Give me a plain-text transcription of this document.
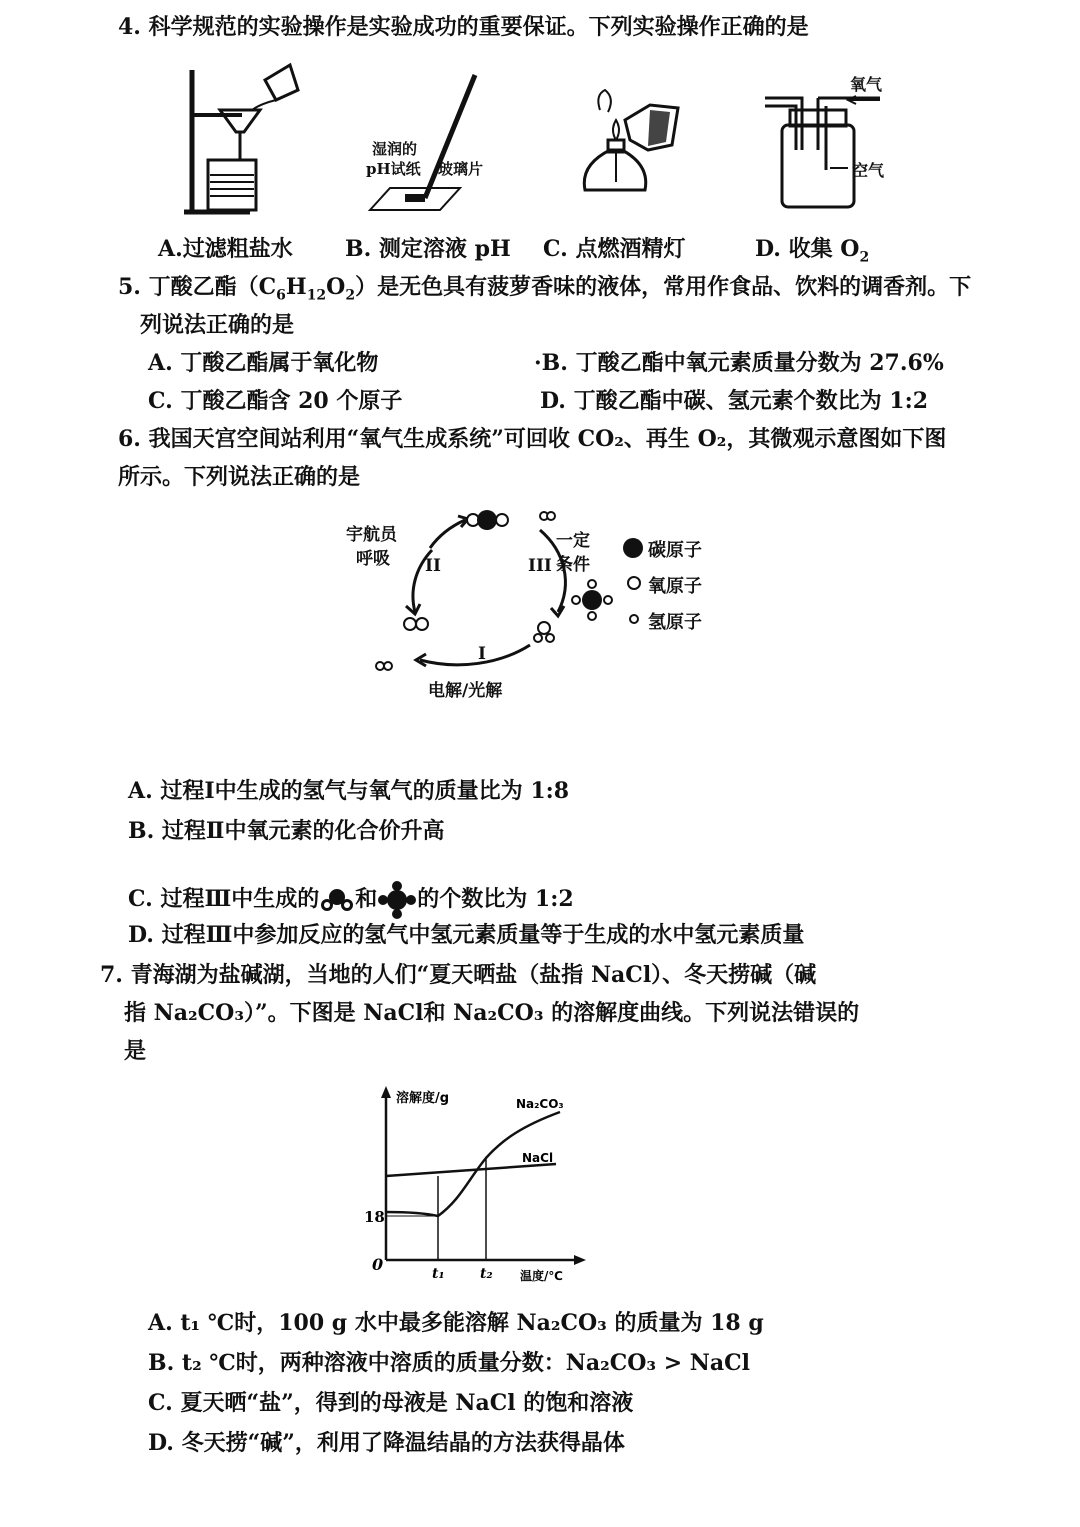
4. 科学规范的实验操作是实验成功的重要保证。下列实验操作正确的是
湿润的
pH试纸 玻璃片
氧气
空气
A.过滤粗盐水 B. 测定溶液 pH C. 点燃酒精灯	D. 收集 $O_2$
5. 丁酸乙酯$(C_6H_{12}O_2)$是无色具有菠萝香味的液体，常用作食品、饮料的调香剂。下
列说法正确的是
A. 丁酸乙酯属于氧化物	·B. 丁酸乙酯中氧元素质量分数为 27.6%
C. 丁酸乙酯含 20 个原子	D. 丁酸乙酯中碳、氢元素个数比为 1:2
6. 我国天宫空间站利用“氧气生成系统”可回收 CO₂、再生 O₂，其微观示意图如下图
所示。下列说法正确的是
宇航员
呼吸
一定
条件
II	III
I
电解/光解
碳原子
氧原子
氢原子
A. 过程Ⅰ中生成的氢气与氧气的质量比为 1:8
B. 过程Ⅱ中氧元素的化合价升高
C. 过程Ⅲ中生成的 和 的个数比为 1:2
D. 过程Ⅲ中参加反应的氢气中氢元素质量等于生成的水中氢元素质量
7. 青海湖为盐碱湖，当地的人们“夏天晒盐（盐指 NaCl）、冬天捞碱（碱
指 Na₂CO₃）”。下图是 NaCl和 Na₂CO₃ 的溶解度曲线。下列说法错误的
是
溶解度/g
温度/℃
0
18
t₁	t₂
Na₂CO₃
NaCl
A. t₁ ℃时，100 g 水中最多能溶解 Na₂CO₃ 的质量为 18 g
B. t₂ ℃时，两种溶液中溶质的质量分数：Na₂CO₃ > NaCl
C. 夏天晒“盐”，得到的母液是 NaCl 的饱和溶液
D. 冬天捞“碱”，利用了降温结晶的方法获得晶体
